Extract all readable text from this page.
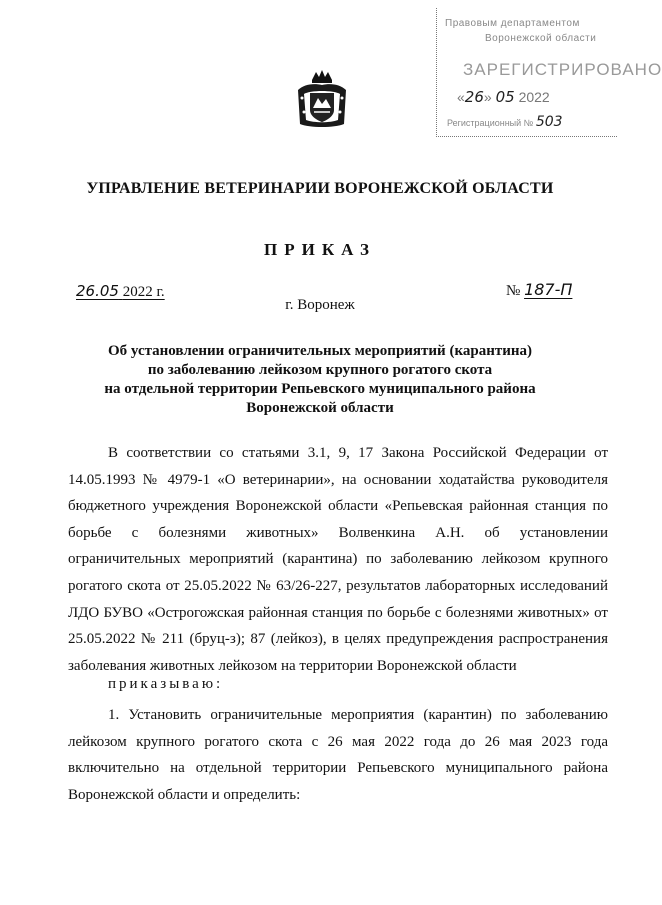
Правовым департаментом
Воронежской области
ЗАРЕГИСТРИРОВАНО
«26» 05 2022
Регистрационный № 503
УПРАВЛЕНИЕ ВЕТЕРИНАРИИ ВОРОНЕЖСКОЙ ОБЛАСТИ
ПРИКАЗ
26.05 2022 г.	№ 187-П
г. Воронеж
Об установлении ограничительных мероприятий (карантина)
по заболеванию лейкозом крупного рогатого скота
на отдельной территории Репьевского муниципального района
Воронежской области
В соответствии со статьями 3.1, 9, 17 Закона Российской Федерации от 14.05.1993 № 4979-1 «О ветеринарии», на основании ходатайства руководителя бюджетного учреждения Воронежской области «Репьевская районная станция по борьбе с болезнями животных» Волвенкина А.Н. об установлении ограничительных мероприятий (карантина) по заболеванию лейкозом крупного рогатого скота от 25.05.2022 № 63/26-227, результатов лабораторных исследований ЛДО БУВО «Острогожская районная станция по борьбе с болезнями животных» от 25.05.2022 № 211 (бруц-з); 87 (лейкоз), в целях предупреждения распространения заболевания животных лейкозом на территории Воронежской области
приказываю:
1. Установить ограничительные мероприятия (карантин) по заболеванию лейкозом крупного рогатого скота с 26 мая 2022 года до 26 мая 2023 года включительно на отдельной территории Репьевского муниципального района Воронежской области и определить:
